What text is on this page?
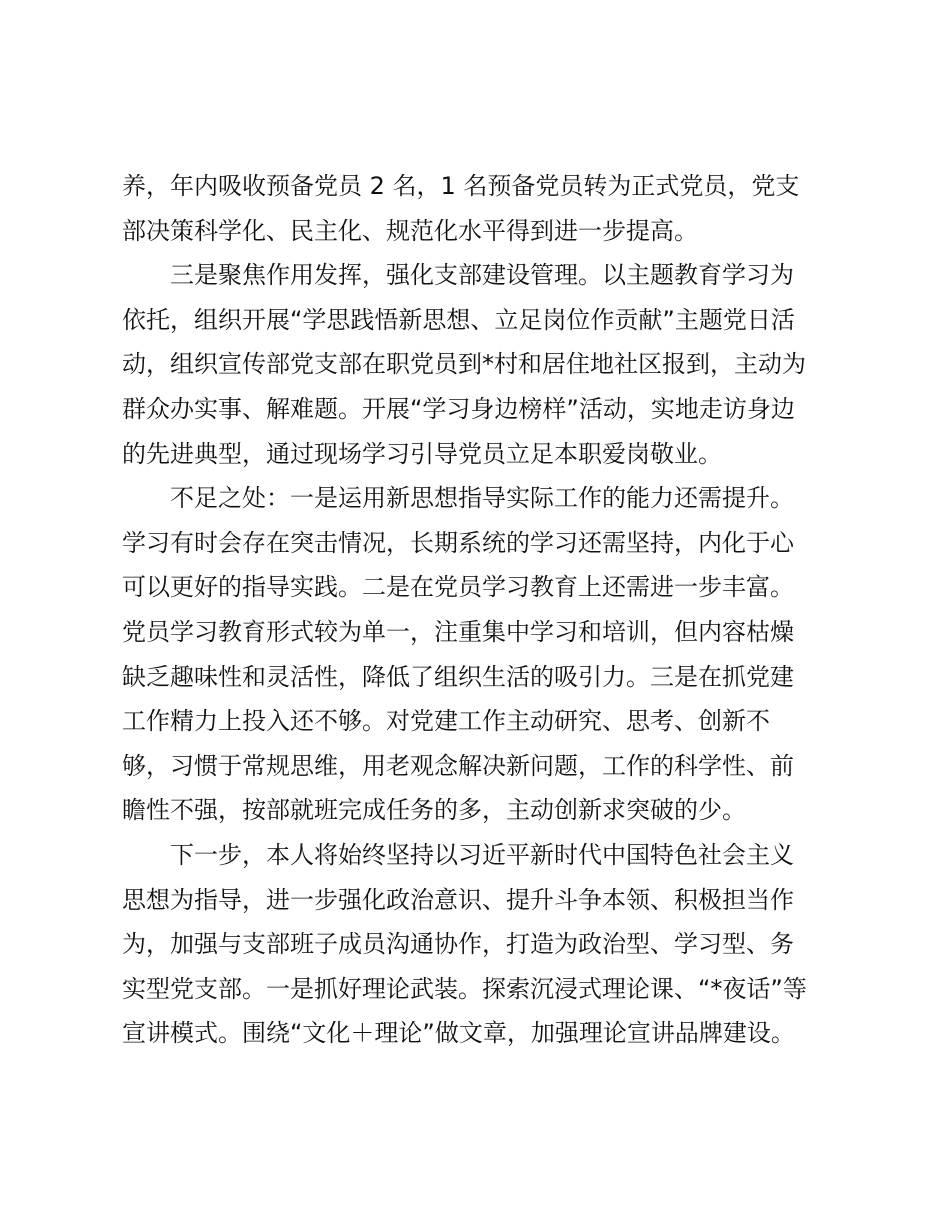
养，年内吸收预备党员 2 名，1 名预备党员转为正式党员，党支
部决策科学化、民主化、规范化水平得到进一步提高。
三是聚焦作用发挥，强化支部建设管理。以主题教育学习为
依托，组织开展“学思践悟新思想、立足岗位作贡献”主题党日活
动，组织宣传部党支部在职党员到*村和居住地社区报到，主动为
群众办实事、解难题。开展“学习身边榜样”活动，实地走访身边
的先进典型，通过现场学习引导党员立足本职爱岗敬业。
不足之处：一是运用新思想指导实际工作的能力还需提升。
学习有时会存在突击情况，长期系统的学习还需坚持，内化于心
可以更好的指导实践。二是在党员学习教育上还需进一步丰富。
党员学习教育形式较为单一，注重集中学习和培训，但内容枯燥
缺乏趣味性和灵活性，降低了组织生活的吸引力。三是在抓党建
工作精力上投入还不够。对党建工作主动研究、思考、创新不
够，习惯于常规思维，用老观念解决新问题，工作的科学性、前
瞻性不强，按部就班完成任务的多，主动创新求突破的少。
下一步，本人将始终坚持以习近平新时代中国特色社会主义
思想为指导，进一步强化政治意识、提升斗争本领、积极担当作
为，加强与支部班子成员沟通协作，打造为政治型、学习型、务
实型党支部。一是抓好理论武装。探索沉浸式理论课、“*夜话”等
宣讲模式。围绕“文化＋理论”做文章，加强理论宣讲品牌建设。
